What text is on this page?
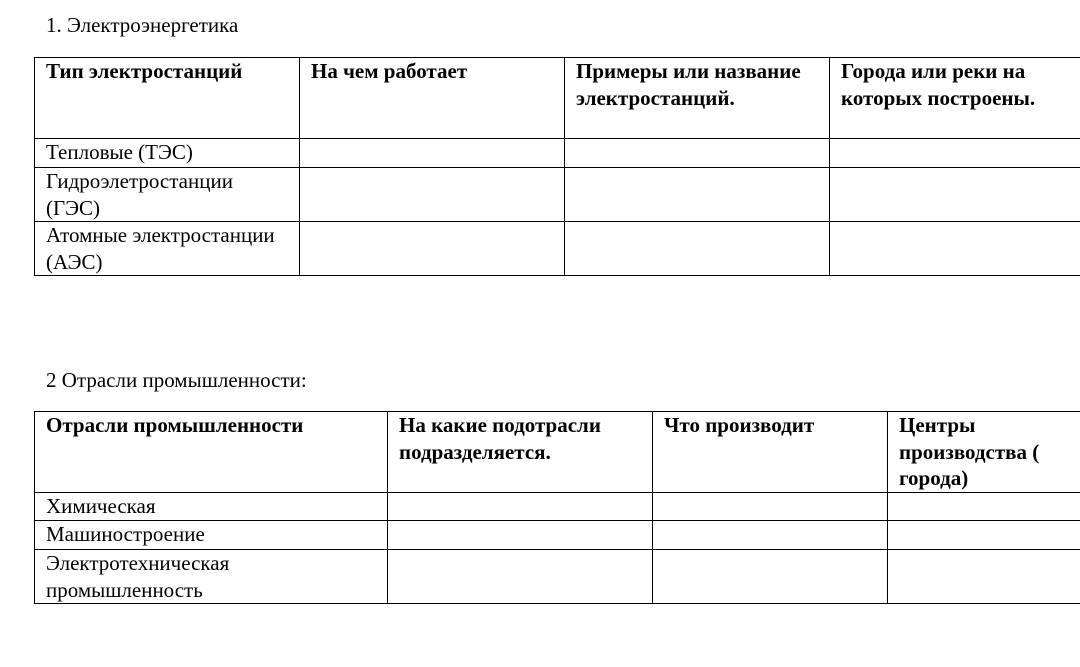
1. Электроэнергетика
Тип электростанций	На чем работает	Примеры или название электростанций.	Города или реки на которых построены.
Тепловые (ТЭС)			
Гидроэлетростанции (ГЭС)			
Атомные электростанции (АЭС)			
2 Отрасли промышленности:
Отрасли промышленности	На какие подотрасли подразделяется.	Что производит	Центры производства ( города)
Химическая			
Машиностроение			
Электротехническая промышленность			
